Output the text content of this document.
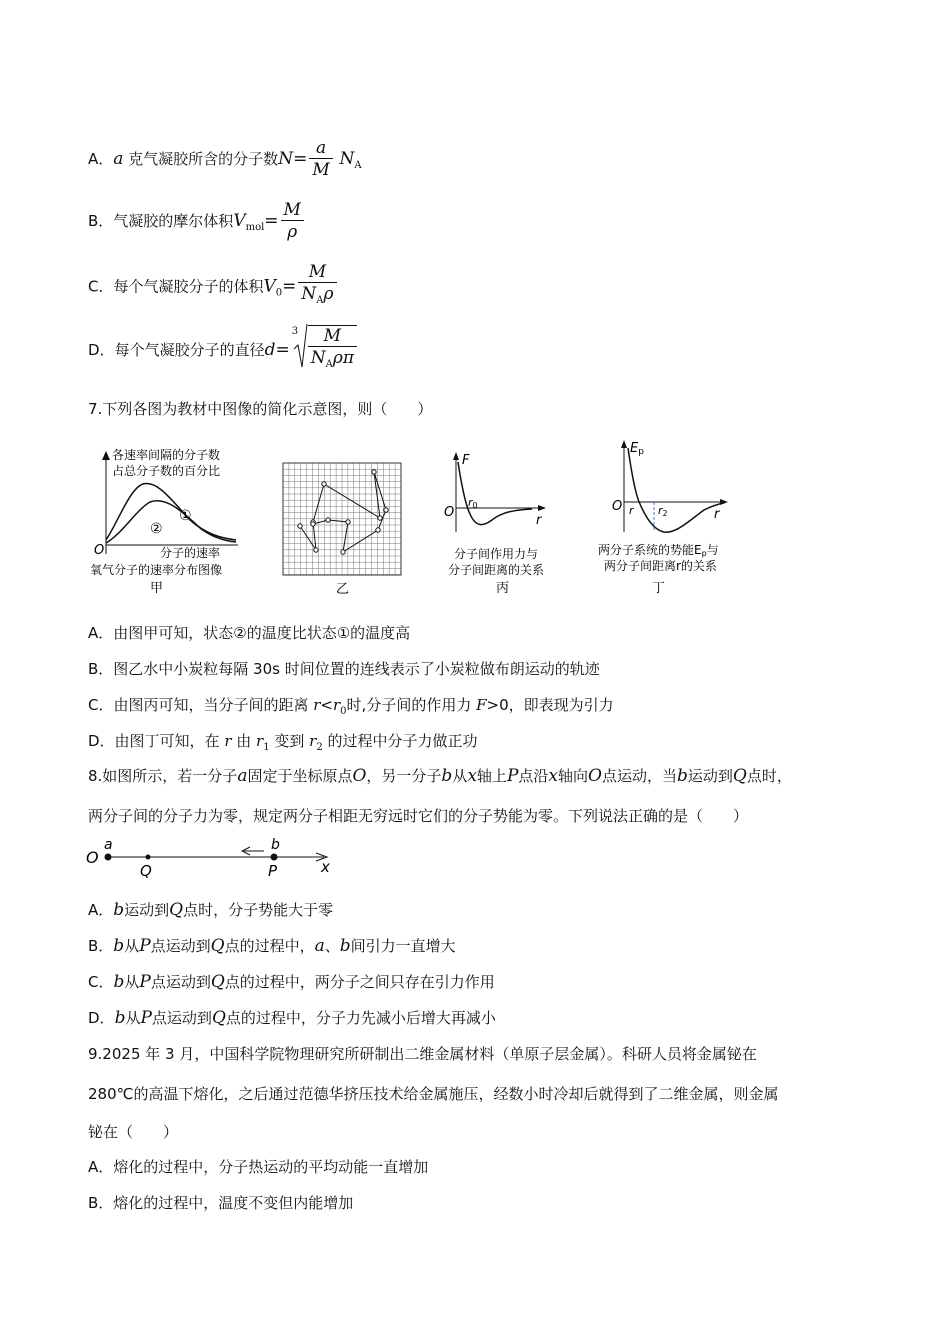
A．a 克气凝胶所含的分子数$N= \frac{a}{M} N_A$
B．气凝胶的摩尔体积$V_{mol}= \frac{M}{\rho}$
C．每个气凝胶分子的体积$V_0= \frac{M}{N_A\rho}$
D．每个气凝胶分子的直径d=
$3 \frac{M}{N_A\rho\pi}$
7.下列各图为教材中图像的简化示意图，则（　　）
各速率间隔的分子数
占总分子数的百分比
①
②
O	分子的速率
氧气分子的速率分布图像
甲	乙
F
O
r0
r
分子间作用力与
分子间距离的关系
丙
Ep
O r r2	r
两分子系统的势能Ep与
两分子间距离r的关系
丁
A．由图甲可知，状态②的温度比状态①的温度高
B．图乙水中小炭粒每隔 30s 时间位置的连线表示了小炭粒做布朗运动的轨迹
C．由图丙可知，当分子间的距离 $r<r_0$时,分子间的作用力 F>0，即表现为引力
D．由图丁可知，在 r 由 $r_1$ 变到 $r_2$ 的过程中分子力做正功
8.如图所示，若一分子a固定于坐标原点O，另一分子b从x轴上P点沿x轴向O点运动，当b运动到Q点时，
两分子间的分子力为零，规定两分子相距无穷远时它们的分子势能为零。下列说法正确的是（　　）
O
a
Q
b
P	x
A．b运动到Q点时，分子势能大于零
B．b从P点运动到Q点的过程中，a、b间引力一直增大
C．b从P点运动到Q点的过程中，两分子之间只存在引力作用
D．b从P点运动到Q点的过程中，分子力先减小后增大再减小
9.2025 年 3 月，中国科学院物理研究所研制出二维金属材料（单原子层金属）。科研人员将金属铋在
280℃的高温下熔化，之后通过范德华挤压技术给金属施压，经数小时冷却后就得到了二维金属，则金属
铋在（　　）
A．熔化的过程中，分子热运动的平均动能一直增加
B．熔化的过程中，温度不变但内能增加
